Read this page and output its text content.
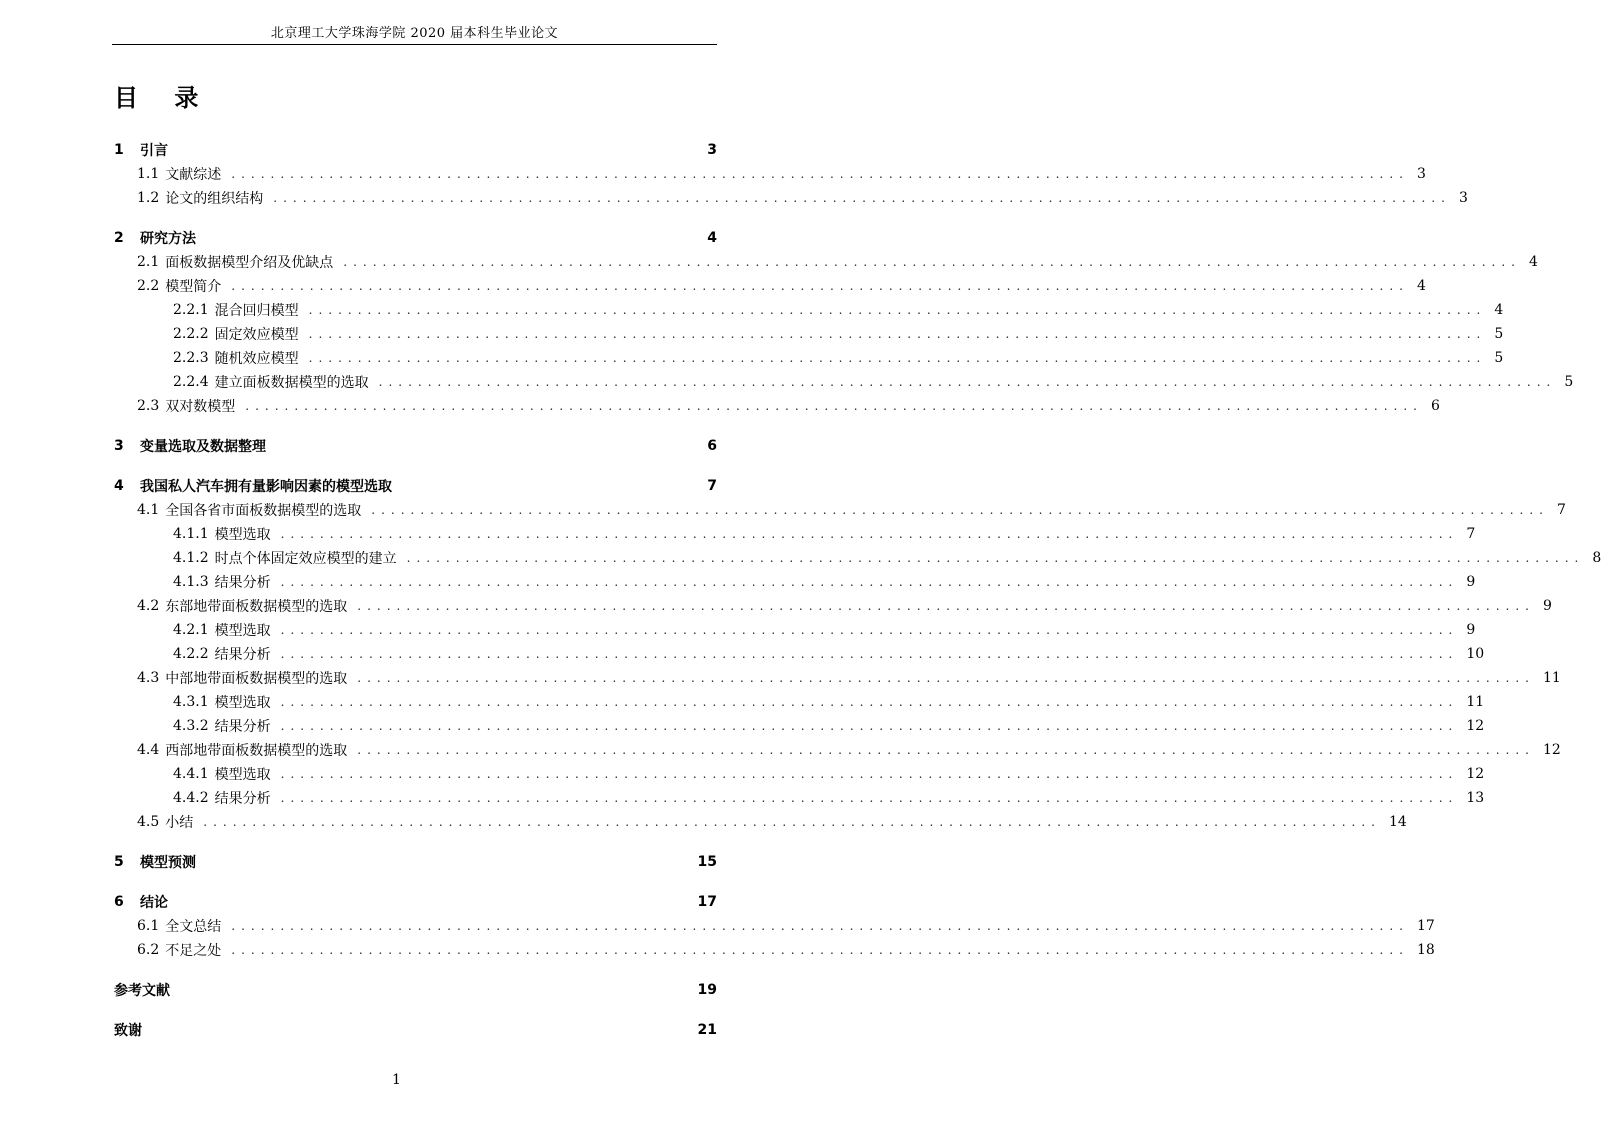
北京理工大学珠海学院 2020 届本科生毕业论文
目 录
1	引言	3
1.1 文献综述 ........................................................................................................................ 3
1.2 论文的组织结构 ........................................................................................................................ 3
2	研究方法	4
2.1 面板数据模型介绍及优缺点 ........................................................................................................................ 4
2.2 模型简介 ........................................................................................................................ 4
2.2.1 混合回归模型 ........................................................................................................................ 4
2.2.2 固定效应模型 ........................................................................................................................ 5
2.2.3 随机效应模型 ........................................................................................................................ 5
2.2.4 建立面板数据模型的选取 ........................................................................................................................ 5
2.3 双对数模型 ........................................................................................................................ 6
3	变量选取及数据整理	6
4	我国私人汽车拥有量影响因素的模型选取	7
4.1 全国各省市面板数据模型的选取 ........................................................................................................................ 7
4.1.1 模型选取 ........................................................................................................................ 7
4.1.2 时点个体固定效应模型的建立 ........................................................................................................................ 8
4.1.3 结果分析 ........................................................................................................................ 9
4.2 东部地带面板数据模型的选取 ........................................................................................................................ 9
4.2.1 模型选取 ........................................................................................................................ 9
4.2.2 结果分析 ........................................................................................................................ 10
4.3 中部地带面板数据模型的选取 ........................................................................................................................ 11
4.3.1 模型选取 ........................................................................................................................ 11
4.3.2 结果分析 ........................................................................................................................ 12
4.4 西部地带面板数据模型的选取 ........................................................................................................................ 12
4.4.1 模型选取 ........................................................................................................................ 12
4.4.2 结果分析 ........................................................................................................................ 13
4.5 小结 ........................................................................................................................ 14
5	模型预测	15
6	结论	17
6.1 全文总结 ........................................................................................................................ 17
6.2 不足之处 ........................................................................................................................ 18
参考文献	19
致谢	21
1
